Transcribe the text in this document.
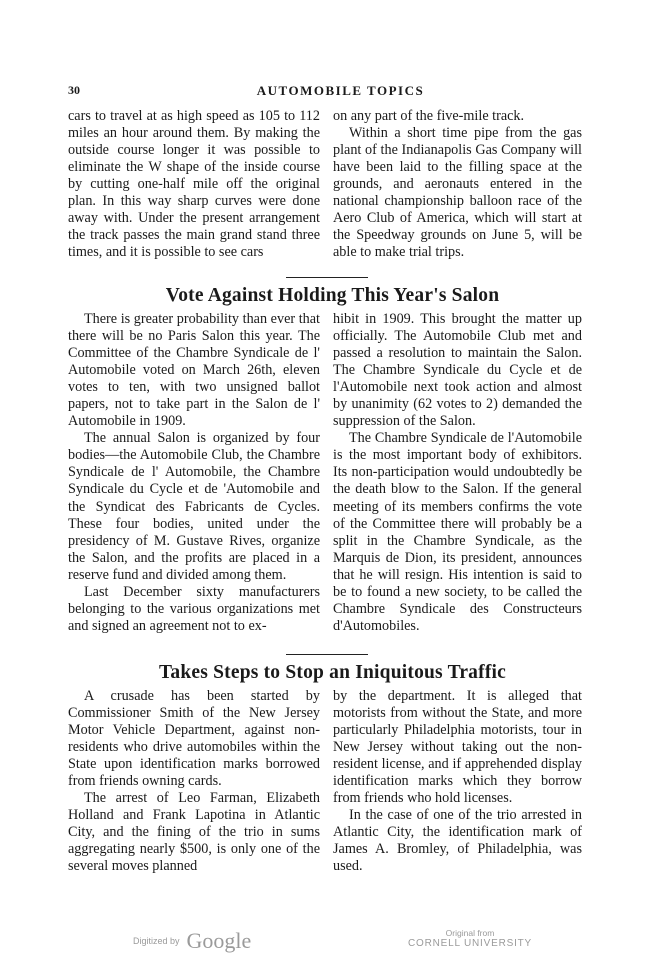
30	AUTOMOBILE TOPICS

cars to travel at as high speed as 105 to 112 miles an hour around them. By making the outside course longer it was possible to eliminate the W shape of the inside course by cutting one-half mile off the original plan. In this way sharp curves were done away with. Under the present arrangement the track passes the main grand stand three times, and it is possible to see cars

on any part of the five-mile track.

Within a short time pipe from the gas plant of the Indianapolis Gas Company will have been laid to the filling space at the grounds, and aeronauts entered in the national championship balloon race of the Aero Club of America, which will start at the Speedway grounds on June 5, will be able to make trial trips.

Vote Against Holding This Year's Salon

There is greater probability than ever that there will be no Paris Salon this year. The Committee of the Chambre Syndicale de l' Automobile voted on March 26th, eleven votes to ten, with two unsigned ballot papers, not to take part in the Salon de l' Automobile in 1909.

The annual Salon is organized by four bodies—the Automobile Club, the Chambre Syndicale de l' Automobile, the Chambre Syndicale du Cycle et de 'Automobile and the Syndicat des Fabricants de Cycles. These four bodies, united under the presidency of M. Gustave Rives, organize the Salon, and the profits are placed in a reserve fund and divided among them.

Last December sixty manufacturers belonging to the various organizations met and signed an agreement not to ex-

hibit in 1909. This brought the matter up officially. The Automobile Club met and passed a resolution to maintain the Salon. The Chambre Syndicale du Cycle et de l'Automobile next took action and almost by unanimity (62 votes to 2) demanded the suppression of the Salon.

The Chambre Syndicale de l'Automobile is the most important body of exhibitors. Its non-participation would undoubtedly be the death blow to the Salon. If the general meeting of its members confirms the vote of the Committee there will probably be a split in the Chambre Syndicale, as the Marquis de Dion, its president, announces that he will resign. His intention is said to be to found a new society, to be called the Chambre Syndicale des Constructeurs d'Automobiles.

Takes Steps to Stop an Iniquitous Traffic

A crusade has been started by Commissioner Smith of the New Jersey Motor Vehicle Department, against non-residents who drive automobiles within the State upon identification marks borrowed from friends owning cards.

The arrest of Leo Farman, Elizabeth Holland and Frank Lapotina in Atlantic City, and the fining of the trio in sums aggregating nearly $500, is only one of the several moves planned

by the department. It is alleged that motorists from without the State, and more particularly Philadelphia motorists, tour in New Jersey without taking out the non-resident license, and if apprehended display identification marks which they borrow from friends who hold licenses.

In the case of one of the trio arrested in Atlantic City, the identification mark of James A. Bromley, of Philadelphia, was used.

Digitized by Google	Original from
CORNELL UNIVERSITY
